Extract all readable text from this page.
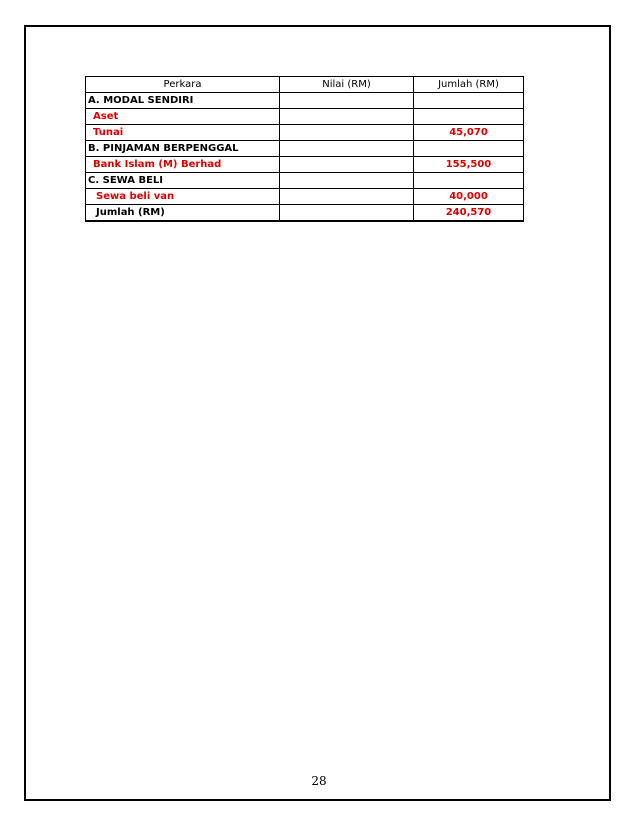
Perkara	Nilai (RM)	Jumlah (RM)
A. MODAL SENDIRI		
Aset		
Tunai		45,070
B. PINJAMAN BERPENGGAL		
Bank Islam (M) Berhad		155,500
C. SEWA BELI		
Sewa beli van		40,000
Jumlah (RM)		240,570
28
